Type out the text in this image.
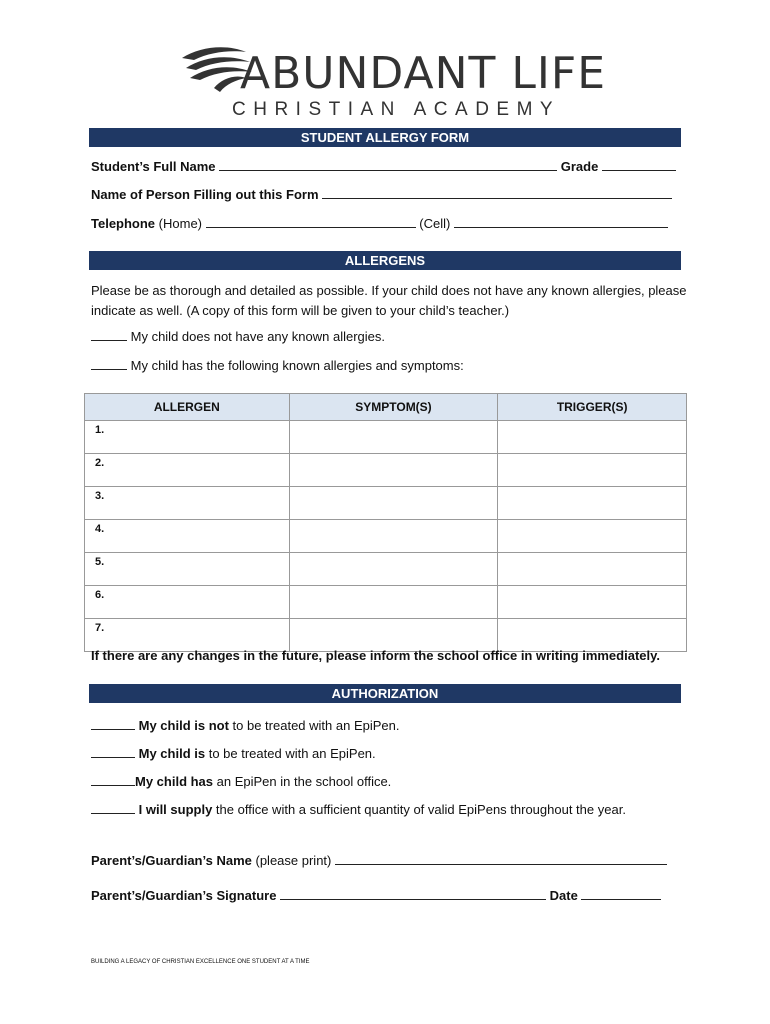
ABUNDANT LIFE
CHRISTIAN ACADEMY
STUDENT ALLERGY FORM
Student’s Full Name	Grade
Name of Person Filling out this Form
Telephone (Home)	(Cell)
ALLERGENS
Please be as thorough and detailed as possible. If your child does not have any known allergies, please indicate as well. (A copy of this form will be given to your child’s teacher.)
My child does not have any known allergies.
My child has the following known allergies and symptoms:
ALLERGEN	SYMPTOM(S)	TRIGGER(S)
1.		
2.		
3.		
4.		
5.		
6.		
7.		
If there are any changes in the future, please inform the school office in writing immediately.
AUTHORIZATION
My child is not to be treated with an EpiPen.
My child is to be treated with an EpiPen.
My child has an EpiPen in the school office.
I will supply the office with a sufficient quantity of valid EpiPens throughout the year.
Parent’s/Guardian’s Name (please print)
Parent’s/Guardian’s Signature	Date
BUILDING A LEGACY OF CHRISTIAN EXCELLENCE ONE STUDENT AT A TIME
